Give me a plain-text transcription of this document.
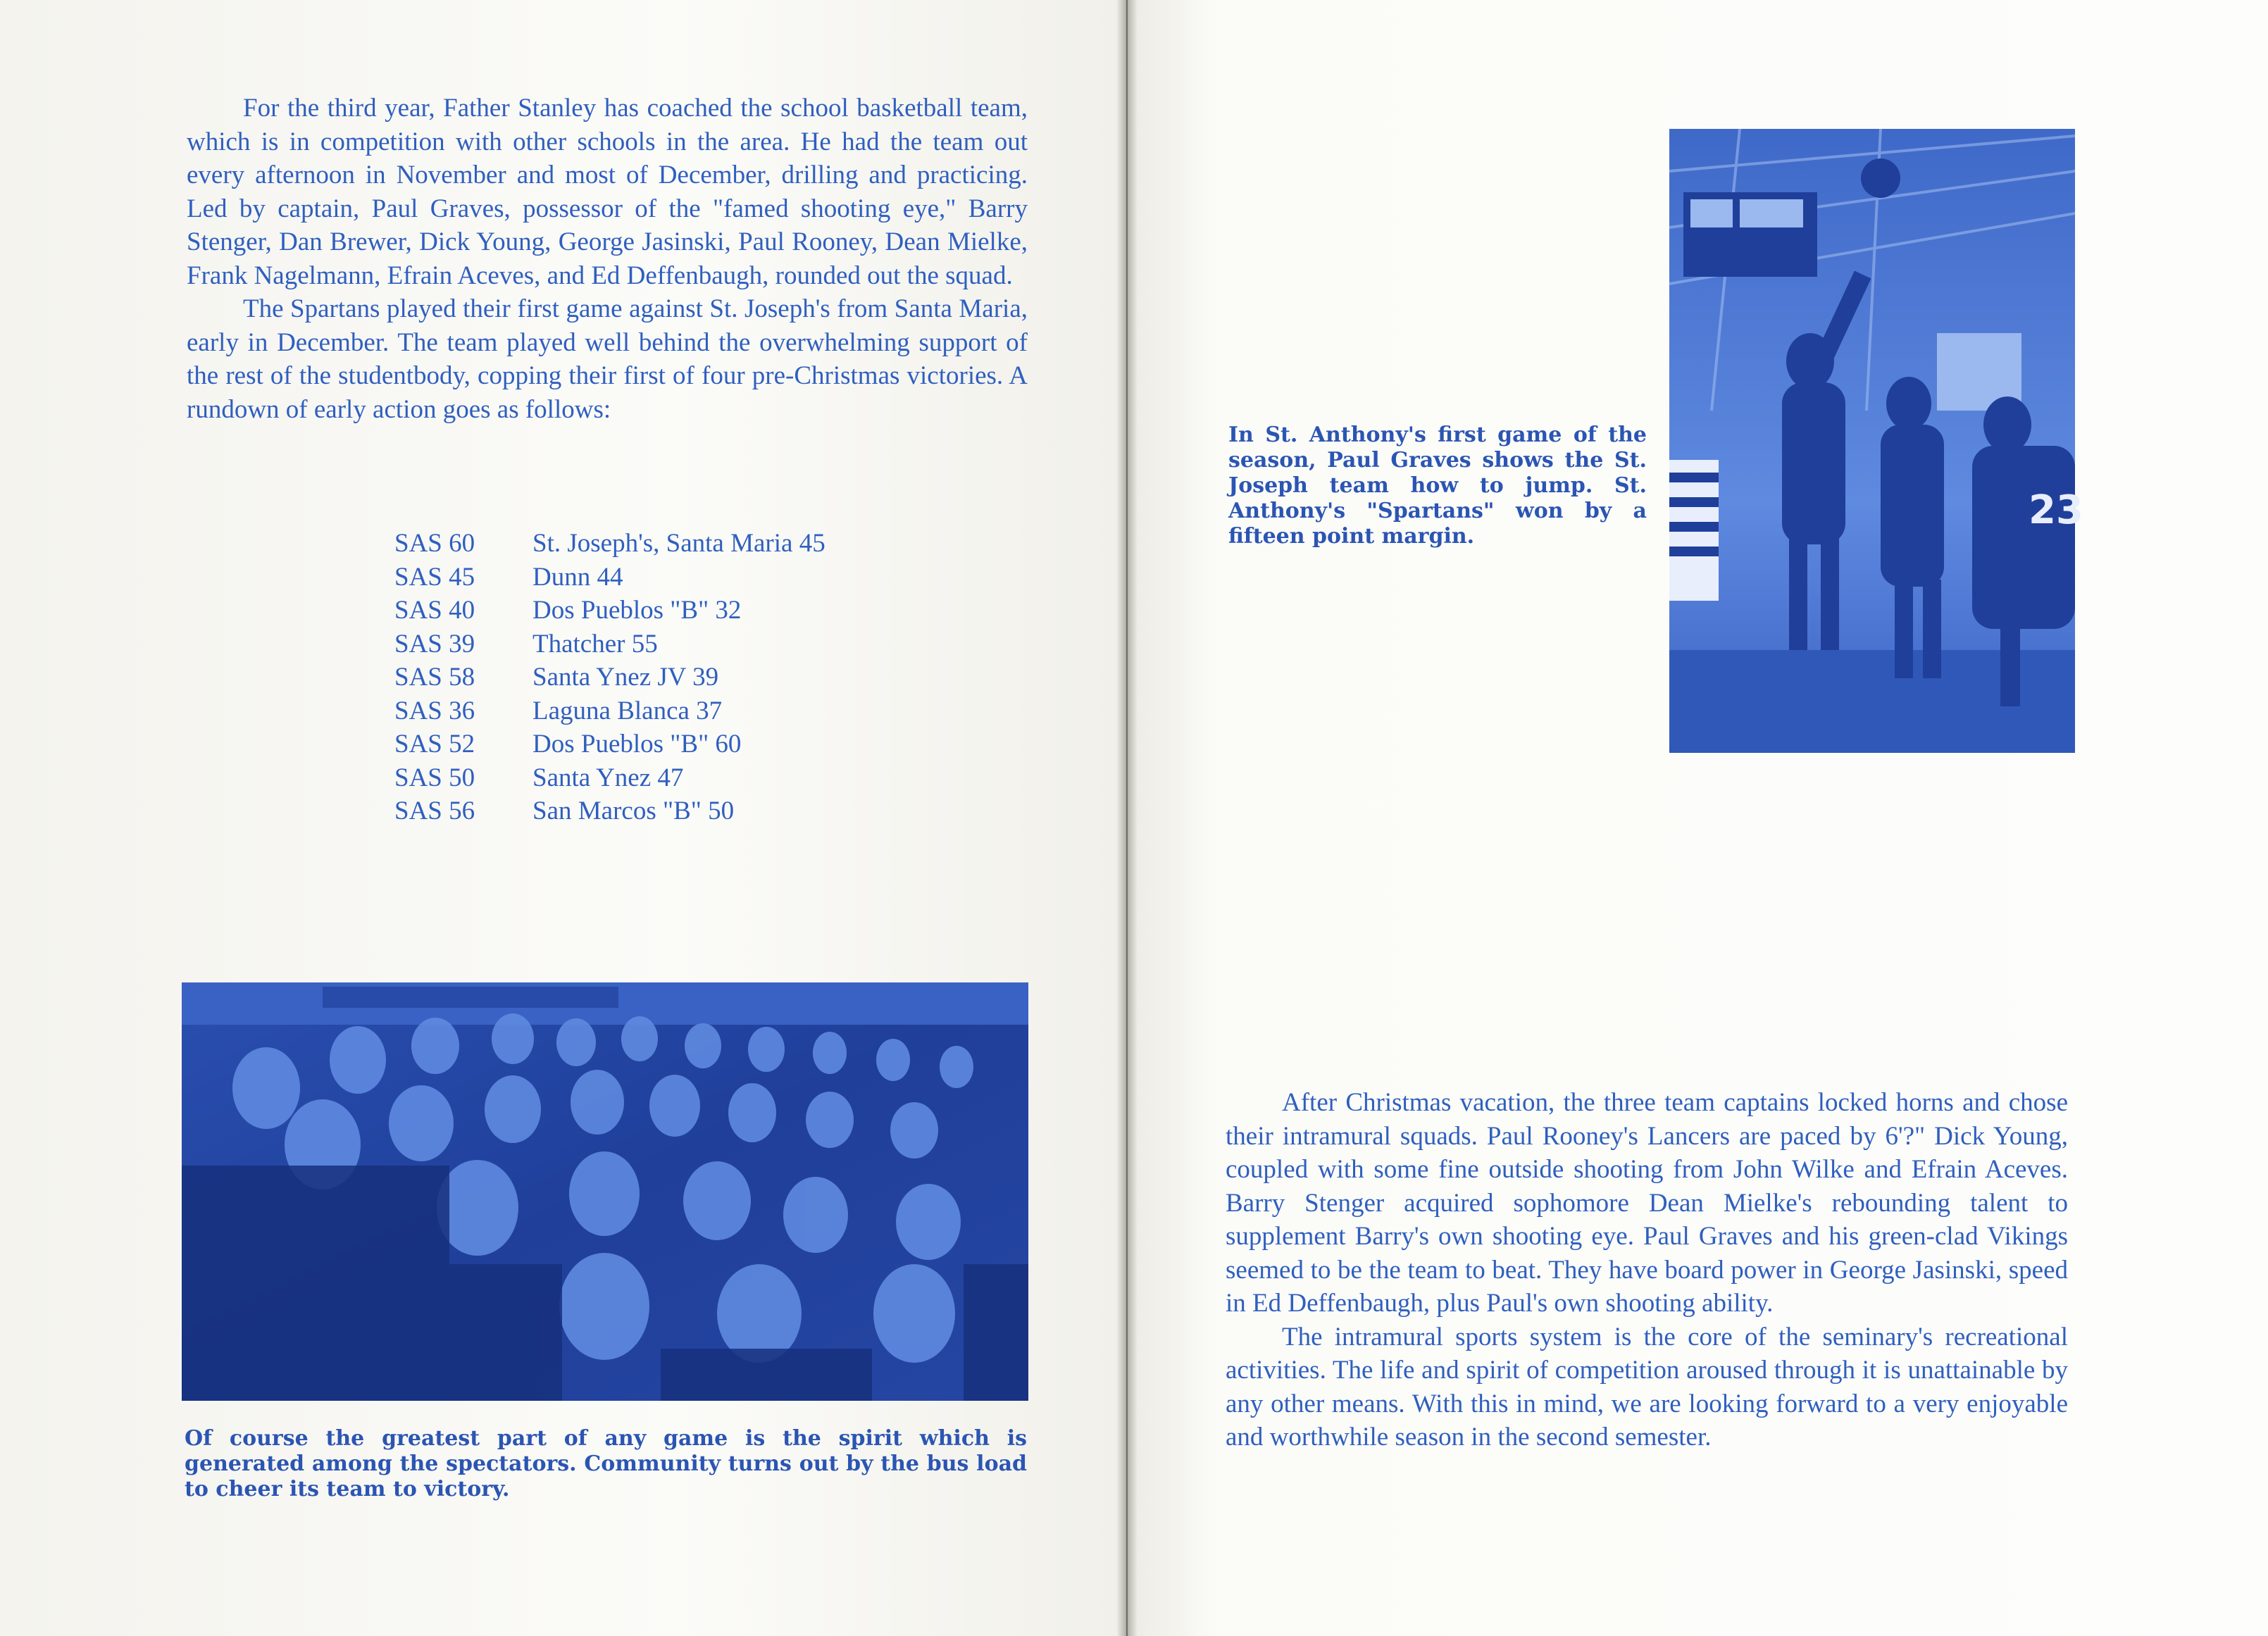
For the third year, Father Stanley has coached the school basketball team, which is in competition with other schools in the area. He had the team out every afternoon in November and most of December, drilling and practicing. Led by captain, Paul Graves, possessor of the "famed shooting eye," Barry Stenger, Dan Brewer, Dick Young, George Jasinski, Paul Rooney, Dean Mielke, Frank Nagelmann, Efrain Aceves, and Ed Deffenbaugh, rounded out the squad.

The Spartans played their first game against St. Joseph's from Santa Maria, early in December. The team played well behind the overwhelming support of the rest of the studentbody, copping their first of four pre-Christmas victories. A rundown of early action goes as follows:

SAS 60	St. Joseph's, Santa Maria 45
SAS 45	Dunn 44
SAS 40	Dos Pueblos "B" 32
SAS 39	Thatcher 55
SAS 58	Santa Ynez JV 39
SAS 36	Laguna Blanca 37
SAS 52	Dos Pueblos "B" 60
SAS 50	Santa Ynez 47
SAS 56	San Marcos "B" 50

Of course the greatest part of any game is the spirit which is generated among the spectators. Community turns out by the bus load to cheer its team to victory.

In St. Anthony's first game of the season, Paul Graves shows the St. Joseph team how to jump. St. Anthony's "Spartans" won by a fifteen point margin.

23

After Christmas vacation, the three team captains locked horns and chose their intramural squads. Paul Rooney's Lancers are paced by 6'?" Dick Young, coupled with some fine outside shooting from John Wilke and Efrain Aceves. Barry Stenger acquired sophomore Dean Mielke's rebounding talent to supplement Barry's own shooting eye. Paul Graves and his green-clad Vikings seemed to be the team to beat. They have board power in George Jasinski, speed in Ed Deffenbaugh, plus Paul's own shooting ability.

The intramural sports system is the core of the seminary's recreational activities. The life and spirit of competition aroused through it is unattainable by any other means. With this in mind, we are looking forward to a very enjoyable and worthwhile season in the second semester.
